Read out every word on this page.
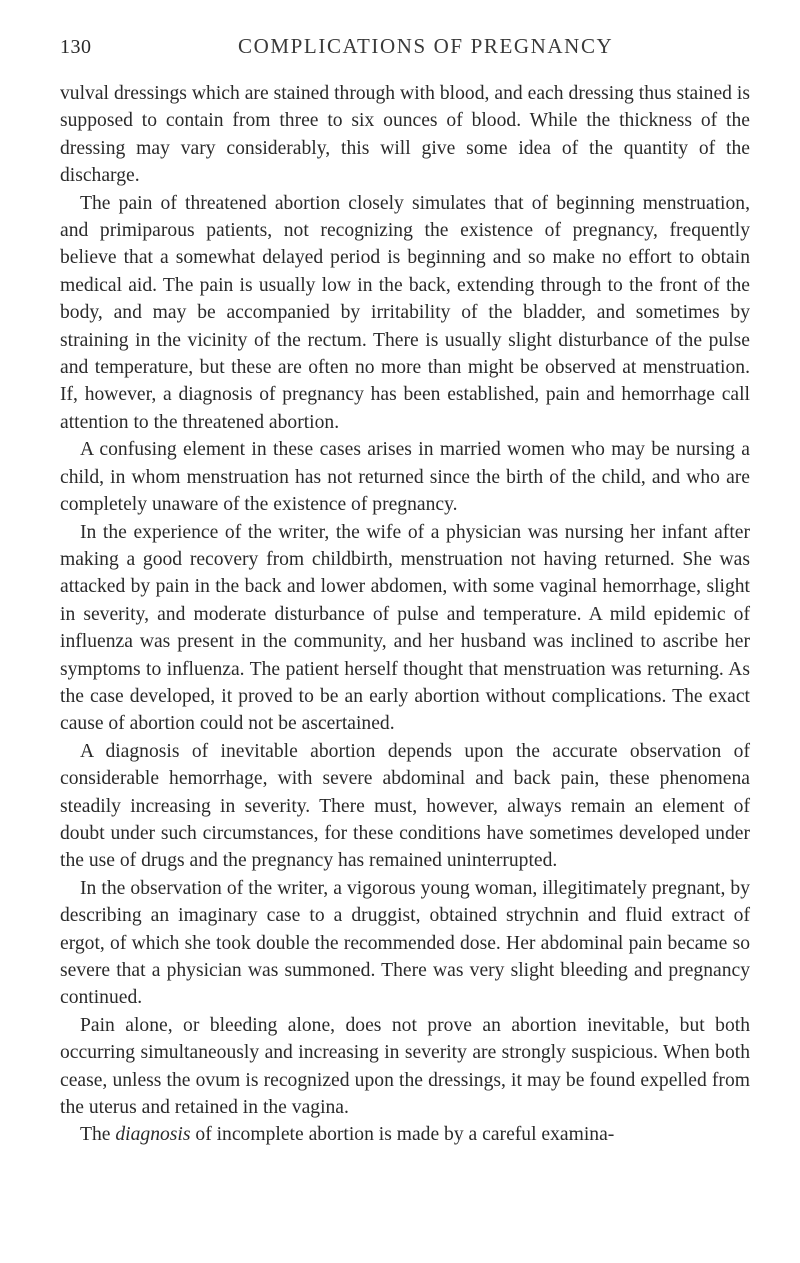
130	COMPLICATIONS OF PREGNANCY

vulval dressings which are stained through with blood, and each dressing thus stained is supposed to contain from three to six ounces of blood. While the thickness of the dressing may vary considerably, this will give some idea of the quantity of the discharge.

The pain of threatened abortion closely simulates that of beginning menstruation, and primiparous patients, not recognizing the existence of pregnancy, frequently believe that a somewhat delayed period is beginning and so make no effort to obtain medical aid. The pain is usually low in the back, extending through to the front of the body, and may be accompanied by irritability of the bladder, and sometimes by straining in the vicinity of the rectum. There is usually slight disturbance of the pulse and temperature, but these are often no more than might be observed at menstruation. If, however, a diagnosis of pregnancy has been established, pain and hemorrhage call attention to the threatened abortion.

A confusing element in these cases arises in married women who may be nursing a child, in whom menstruation has not returned since the birth of the child, and who are completely unaware of the existence of pregnancy.

In the experience of the writer, the wife of a physician was nursing her infant after making a good recovery from childbirth, menstruation not having returned. She was attacked by pain in the back and lower abdomen, with some vaginal hemorrhage, slight in severity, and moderate disturbance of pulse and temperature. A mild epidemic of influenza was present in the community, and her husband was inclined to ascribe her symptoms to influenza. The patient herself thought that menstruation was returning. As the case developed, it proved to be an early abortion without complications. The exact cause of abortion could not be ascertained.

A diagnosis of inevitable abortion depends upon the accurate observation of considerable hemorrhage, with severe abdominal and back pain, these phenomena steadily increasing in severity. There must, however, always remain an element of doubt under such circumstances, for these conditions have sometimes developed under the use of drugs and the pregnancy has remained uninterrupted.

In the observation of the writer, a vigorous young woman, illegitimately pregnant, by describing an imaginary case to a druggist, obtained strychnin and fluid extract of ergot, of which she took double the recommended dose. Her abdominal pain became so severe that a physician was summoned. There was very slight bleeding and pregnancy continued.

Pain alone, or bleeding alone, does not prove an abortion inevitable, but both occurring simultaneously and increasing in severity are strongly suspicious. When both cease, unless the ovum is recognized upon the dressings, it may be found expelled from the uterus and retained in the vagina.

The diagnosis of incomplete abortion is made by a careful examina-
